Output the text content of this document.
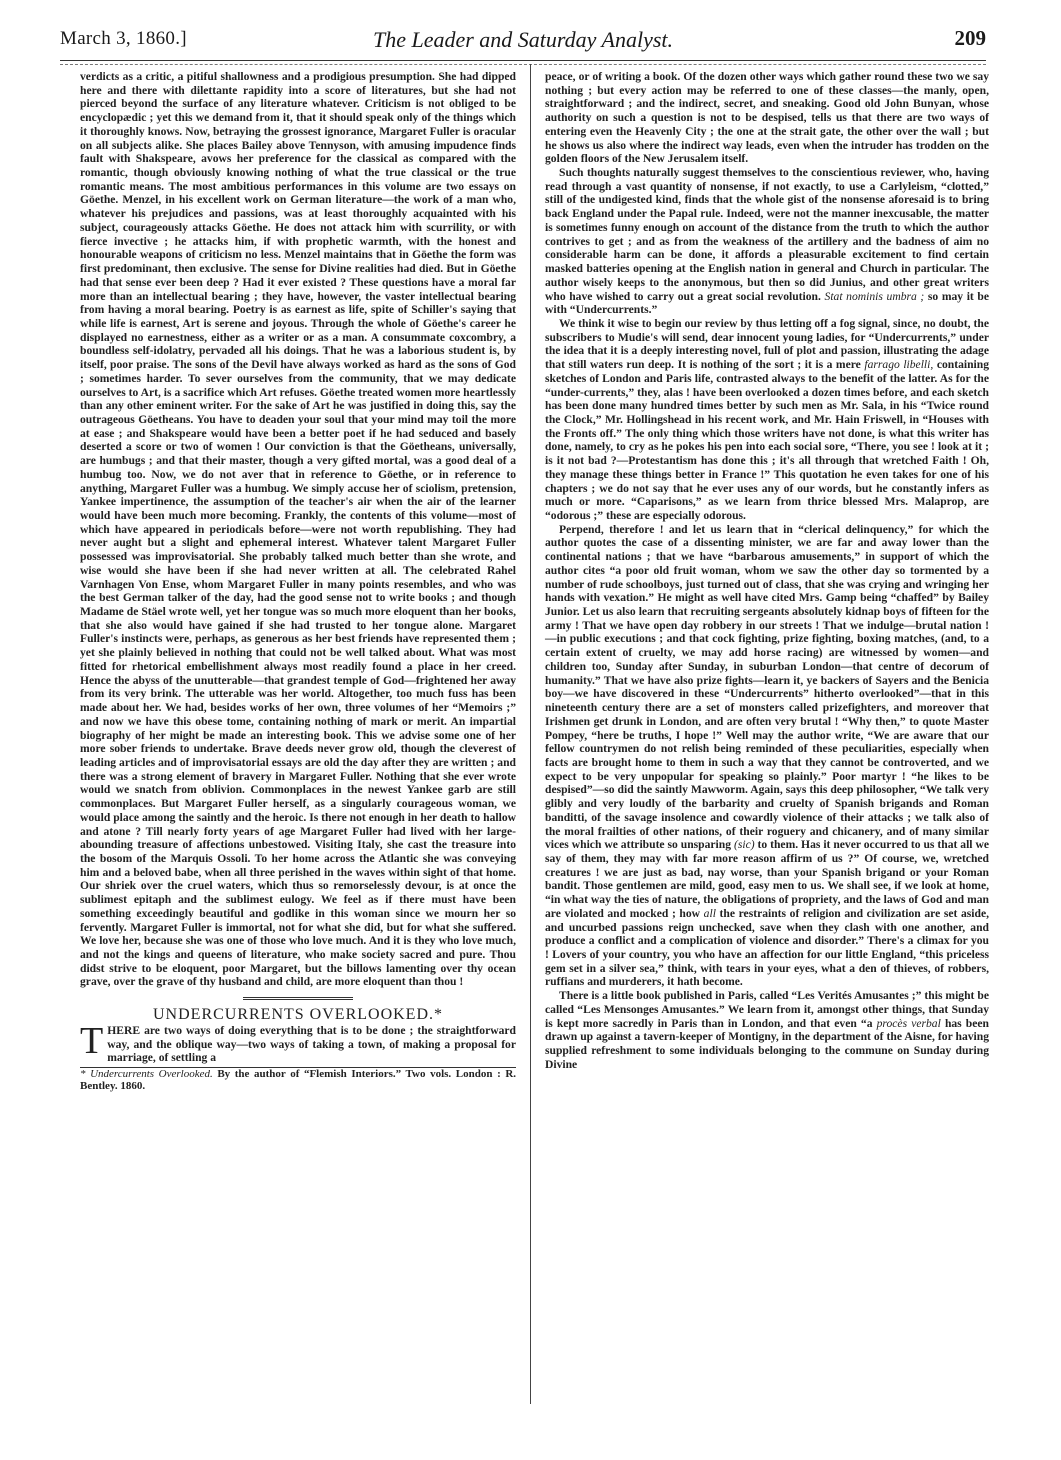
March 3, 1860.]	The Leader and Saturday Analyst.	209

verdicts as a critic, a pitiful shallowness and a prodigious presumption. She had dipped here and there with dilettante rapidity into a score of literatures, but she had not pierced beyond the surface of any literature whatever. Criticism is not obliged to be encyclopædic ; yet this we demand from it, that it should speak only of the things which it thoroughly knows. Now, betraying the grossest ignorance, Margaret Fuller is oracular on all subjects alike. She places Bailey above Tennyson, with amusing impudence finds fault with Shakspeare, avows her preference for the classical as compared with the romantic, though obviously knowing nothing of what the true classical or the true romantic means. The most ambitious performances in this volume are two essays on Göethe. Menzel, in his excellent work on German literature—the work of a man who, whatever his prejudices and passions, was at least thoroughly acquainted with his subject, courageously attacks Göethe. He does not attack him with scurrility, or with fierce invective ; he attacks him, if with prophetic warmth, with the honest and honourable weapons of criticism no less. Menzel maintains that in Göethe the form was first predominant, then exclusive. The sense for Divine realities had died. But in Göethe had that sense ever been deep ? Had it ever existed ? These questions have a moral far more than an intellectual bearing ; they have, however, the vaster intellectual bearing from having a moral bearing. Poetry is as earnest as life, spite of Schiller's saying that while life is earnest, Art is serene and joyous. Through the whole of Göethe's career he displayed no earnestness, either as a writer or as a man. A consummate coxcombry, a boundless self-idolatry, pervaded all his doings. That he was a laborious student is, by itself, poor praise. The sons of the Devil have always worked as hard as the sons of God ; sometimes harder. To sever ourselves from the community, that we may dedicate ourselves to Art, is a sacrifice which Art refuses. Göethe treated women more heartlessly than any other eminent writer. For the sake of Art he was justified in doing this, say the outrageous Göetheans. You have to deaden your soul that your mind may toil the more at ease ; and Shakspeare would have been a better poet if he had seduced and basely deserted a score or two of women ! Our conviction is that the Göetheans, universally, are humbugs ; and that their master, though a very gifted mortal, was a good deal of a humbug too. Now, we do not aver that in reference to Göethe, or in reference to anything, Margaret Fuller was a humbug. We simply accuse her of sciolism, pretension, Yankee impertinence, the assumption of the teacher's air when the air of the learner would have been much more becoming. Frankly, the contents of this volume—most of which have appeared in periodicals before—were not worth republishing. They had never aught but a slight and ephemeral interest. Whatever talent Margaret Fuller possessed was improvisatorial. She probably talked much better than she wrote, and wise would she have been if she had never written at all. The celebrated Rahel Varnhagen Von Ense, whom Margaret Fuller in many points resembles, and who was the best German talker of the day, had the good sense not to write books ; and though Madame de Stäel wrote well, yet her tongue was so much more eloquent than her books, that she also would have gained if she had trusted to her tongue alone. Margaret Fuller's instincts were, perhaps, as generous as her best friends have represented them ; yet she plainly believed in nothing that could not be well talked about. What was most fitted for rhetorical embellishment always most readily found a place in her creed. Hence the abyss of the unutterable—that grandest temple of God—frightened her away from its very brink. The utterable was her world. Altogether, too much fuss has been made about her. We had, besides works of her own, three volumes of her “Memoirs ;” and now we have this obese tome, containing nothing of mark or merit. An impartial biography of her might be made an interesting book. This we advise some one of her more sober friends to undertake. Brave deeds never grow old, though the cleverest of leading articles and of improvisatorial essays are old the day after they are written ; and there was a strong element of bravery in Margaret Fuller. Nothing that she ever wrote would we snatch from oblivion. Commonplaces in the newest Yankee garb are still commonplaces. But Margaret Fuller herself, as a singularly courageous woman, we would place among the saintly and the heroic. Is there not enough in her death to hallow and atone ? Till nearly forty years of age Margaret Fuller had lived with her large-abounding treasure of affections unbestowed. Visiting Italy, she cast the treasure into the bosom of the Marquis Ossoli. To her home across the Atlantic she was conveying him and a beloved babe, when all three perished in the waves within sight of that home. Our shriek over the cruel waters, which thus so remorselessly devour, is at once the sublimest epitaph and the sublimest eulogy. We feel as if there must have been something exceedingly beautiful and godlike in this woman since we mourn her so fervently. Margaret Fuller is immortal, not for what she did, but for what she suffered. We love her, because she was one of those who love much. And it is they who love much, and not the kings and queens of literature, who make society sacred and pure. Thou didst strive to be eloquent, poor Margaret, but the billows lamenting over thy ocean grave, over the grave of thy husband and child, are more eloquent than thou !

UNDERCURRENTS OVERLOOKED.*

THERE are two ways of doing everything that is to be done ; the straightforward way, and the oblique way—two ways of taking a town, of making a proposal for marriage, of settling a

* Undercurrents Overlooked. By the author of “Flemish Interiors.” Two vols. London : R. Bentley. 1860.

peace, or of writing a book. Of the dozen other ways which gather round these two we say nothing ; but every action may be referred to one of these classes—the manly, open, straightforward ; and the indirect, secret, and sneaking. Good old John Bunyan, whose authority on such a question is not to be despised, tells us that there are two ways of entering even the Heavenly City ; the one at the strait gate, the other over the wall ; but he shows us also where the indirect way leads, even when the intruder has trodden on the golden floors of the New Jerusalem itself.

Such thoughts naturally suggest themselves to the conscientious reviewer, who, having read through a vast quantity of nonsense, if not exactly, to use a Carlyleism, “clotted,” still of the undigested kind, finds that the whole gist of the nonsense aforesaid is to bring back England under the Papal rule. Indeed, were not the manner inexcusable, the matter is sometimes funny enough on account of the distance from the truth to which the author contrives to get ; and as from the weakness of the artillery and the badness of aim no considerable harm can be done, it affords a pleasurable excitement to find certain masked batteries opening at the English nation in general and Church in particular. The author wisely keeps to the anonymous, but then so did Junius, and other great writers who have wished to carry out a great social revolution. Stat nominis umbra ; so may it be with “Undercurrents.”

We think it wise to begin our review by thus letting off a fog signal, since, no doubt, the subscribers to Mudie's will send, dear innocent young ladies, for “Undercurrents,” under the idea that it is a deeply interesting novel, full of plot and passion, illustrating the adage that still waters run deep. It is nothing of the sort ; it is a mere farrago libelli, containing sketches of London and Paris life, contrasted always to the benefit of the latter. As for the “under-currents,” they, alas ! have been overlooked a dozen times before, and each sketch has been done many hundred times better by such men as Mr. Sala, in his “Twice round the Clock,” Mr. Hollingshead in his recent work, and Mr. Hain Friswell, in “Houses with the Fronts off.” The only thing which those writers have not done, is what this writer has done, namely, to cry as he pokes his pen into each social sore, “There, you see ! look at it ; is it not bad ?—Protestantism has done this ; it's all through that wretched Faith ! Oh, they manage these things better in France !” This quotation he even takes for one of his chapters ; we do not say that he ever uses any of our words, but he constantly infers as much or more. “Caparisons,” as we learn from thrice blessed Mrs. Malaprop, are “odorous ;” these are especially odorous.

Perpend, therefore ! and let us learn that in “clerical delinquency,” for which the author quotes the case of a dissenting minister, we are far and away lower than the continental nations ; that we have “barbarous amusements,” in support of which the author cites “a poor old fruit woman, whom we saw the other day so tormented by a number of rude schoolboys, just turned out of class, that she was crying and wringing her hands with vexation.” He might as well have cited Mrs. Gamp being “chaffed” by Bailey Junior. Let us also learn that recruiting sergeants absolutely kidnap boys of fifteen for the army ! That we have open day robbery in our streets ! That we indulge—brutal nation !—in public executions ; and that cock fighting, prize fighting, boxing matches, (and, to a certain extent of cruelty, we may add horse racing) are witnessed by women—and children too, Sunday after Sunday, in suburban London—that centre of decorum of humanity.” That we have also prize fights—learn it, ye backers of Sayers and the Benicia boy—we have discovered in these “Undercurrents” hitherto overlooked”—that in this nineteenth century there are a set of monsters called prizefighters, and moreover that Irishmen get drunk in London, and are often very brutal ! “Why then,” to quote Master Pompey, “here be truths, I hope !” Well may the author write, “We are aware that our fellow countrymen do not relish being reminded of these peculiarities, especially when facts are brought home to them in such a way that they cannot be controverted, and we expect to be very unpopular for speaking so plainly.” Poor martyr ! “he likes to be despised”—so did the saintly Mawworm. Again, says this deep philosopher, “We talk very glibly and very loudly of the barbarity and cruelty of Spanish brigands and Roman banditti, of the savage insolence and cowardly violence of their attacks ; we talk also of the moral frailties of other nations, of their roguery and chicanery, and of many similar vices which we attribute so unsparing (sic) to them. Has it never occurred to us that all we say of them, they may with far more reason affirm of us ?” Of course, we, wretched creatures ! we are just as bad, nay worse, than your Spanish brigand or your Roman bandit. Those gentlemen are mild, good, easy men to us. We shall see, if we look at home, “in what way the ties of nature, the obligations of propriety, and the laws of God and man are violated and mocked ; how all the restraints of religion and civilization are set aside, and uncurbed passions reign unchecked, save when they clash with one another, and produce a conflict and a complication of violence and disorder.” There's a climax for you ! Lovers of your country, you who have an affection for our little England, “this priceless gem set in a silver sea,” think, with tears in your eyes, what a den of thieves, of robbers, ruffians and murderers, it hath become.

There is a little book published in Paris, called “Les Verités Amusantes ;” this might be called “Les Mensonges Amusantes.” We learn from it, amongst other things, that Sunday is kept more sacredly in Paris than in London, and that even “a procès verbal has been drawn up against a tavern-keeper of Montigny, in the department of the Aisne, for having supplied refreshment to some individuals belonging to the commune on Sunday during Divine
